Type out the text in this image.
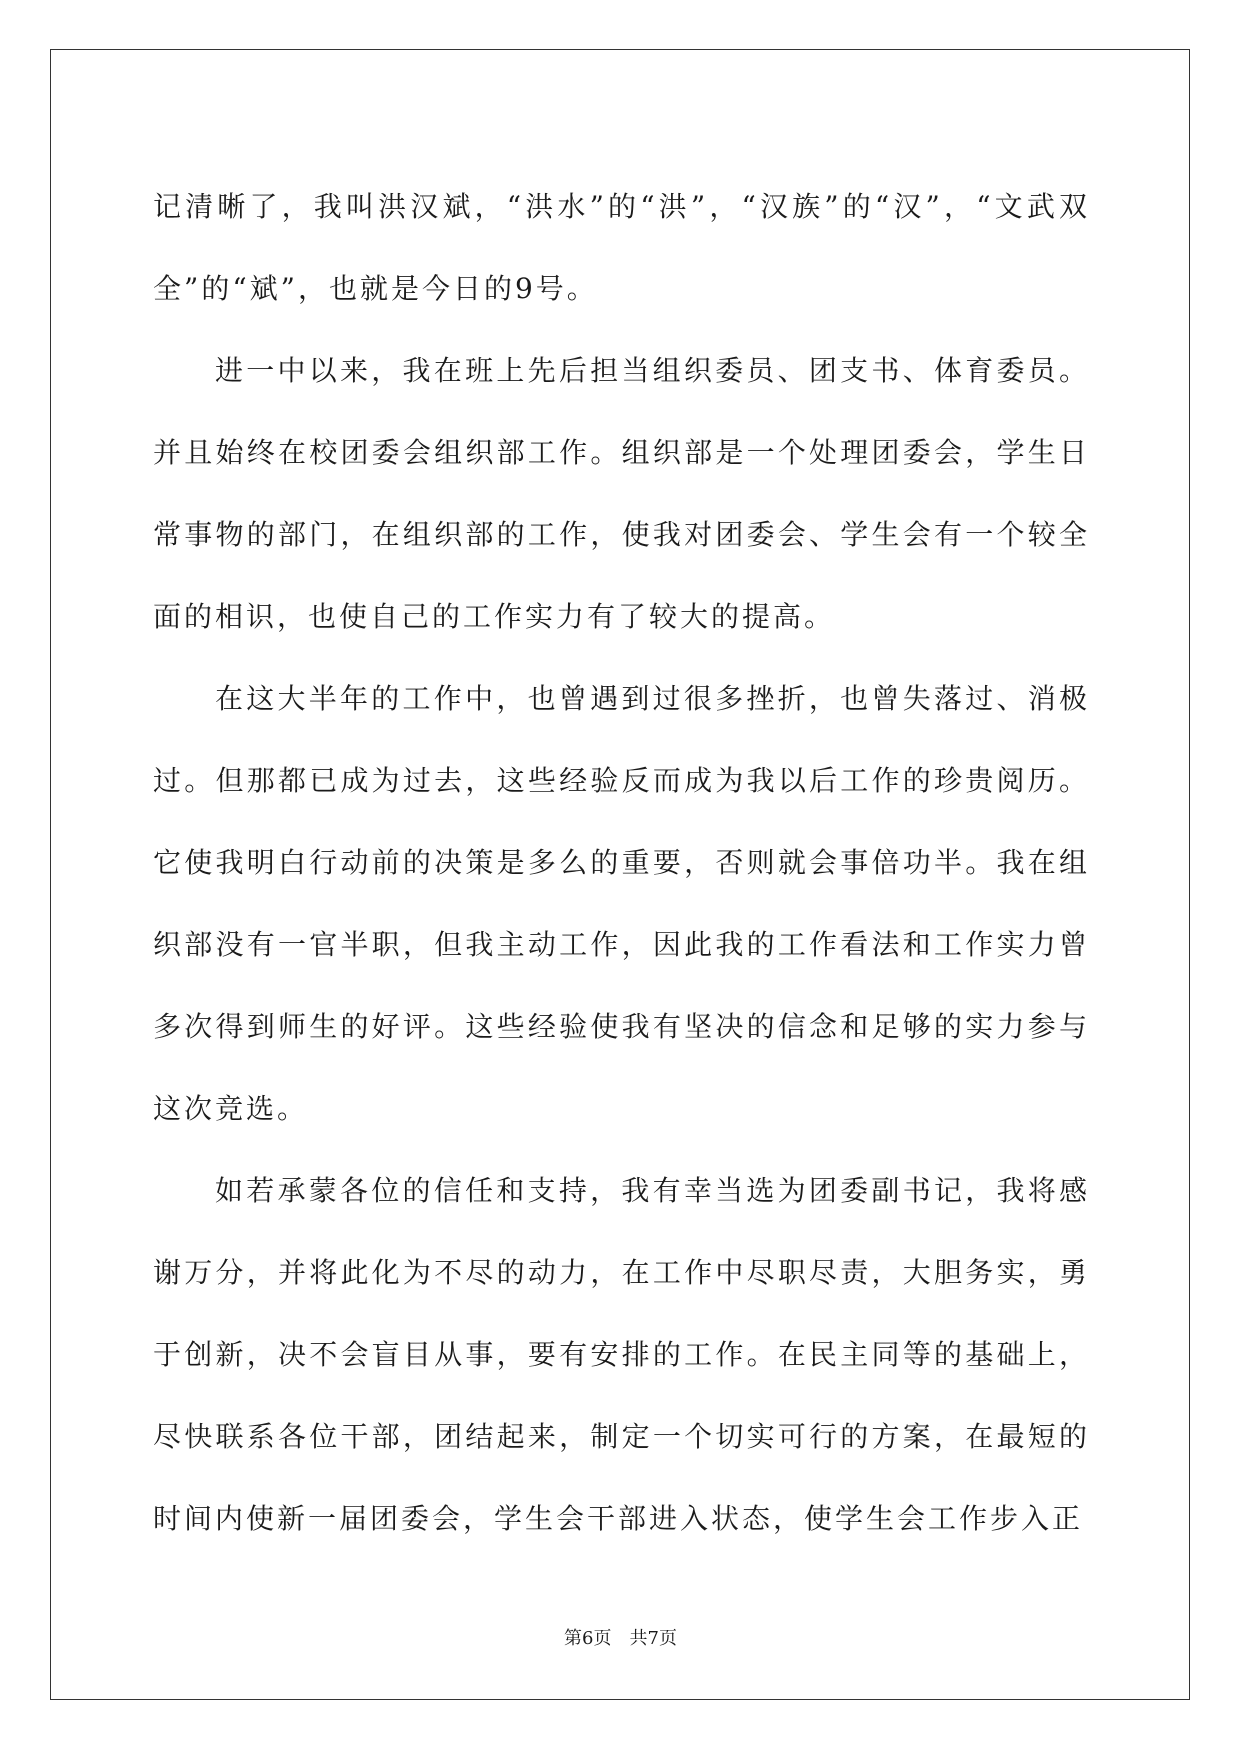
记清晰了，我叫洪汉斌，“洪水”的“洪”，“汉族”的“汉”，“文武双全”的“斌”，也就是今日的9号。

进一中以来，我在班上先后担当组织委员、团支书、体育委员。并且始终在校团委会组织部工作。组织部是一个处理团委会，学生日常事物的部门，在组织部的工作，使我对团委会、学生会有一个较全面的相识，也使自己的工作实力有了较大的提高。

在这大半年的工作中，也曾遇到过很多挫折，也曾失落过、消极过。但那都已成为过去，这些经验反而成为我以后工作的珍贵阅历。它使我明白行动前的决策是多么的重要，否则就会事倍功半。我在组织部没有一官半职，但我主动工作，因此我的工作看法和工作实力曾多次得到师生的好评。这些经验使我有坚决的信念和足够的实力参与这次竞选。

如若承蒙各位的信任和支持，我有幸当选为团委副书记，我将感谢万分，并将此化为不尽的动力，在工作中尽职尽责，大胆务实，勇于创新，决不会盲目从事，要有安排的工作。在民主同等的基础上，尽快联系各位干部，团结起来，制定一个切实可行的方案，在最短的时间内使新一届团委会，学生会干部进入状态，使学生会工作步入正

第6页　共7页
